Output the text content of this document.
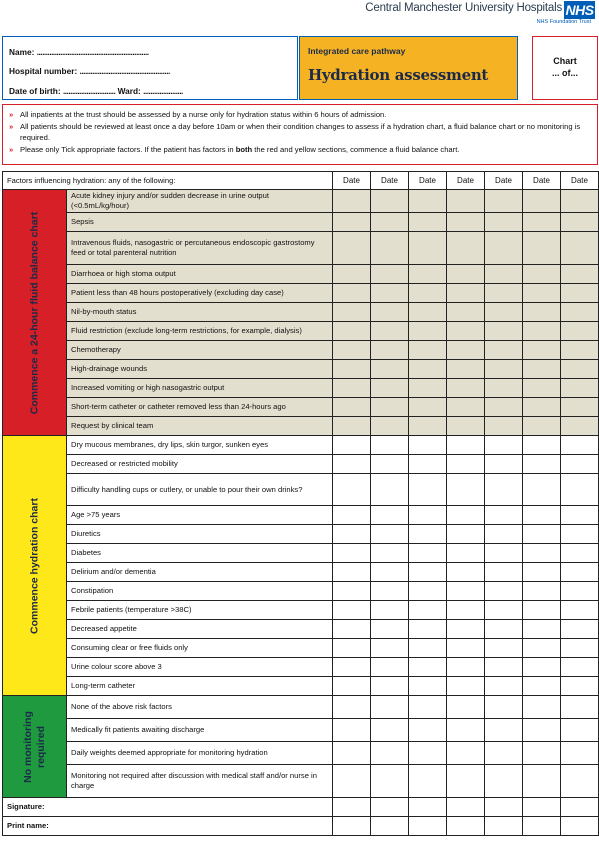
Central Manchester University Hospitals NHS
NHS Foundation Trust
Name:
..............................................................
Hospital number:
..................................................
Date of birth:
.............................
Ward:
......................
Integrated care pathway
Hydration assessment
Chart
... of...
» All inpatients at the trust should be assessed by a nurse only for hydration status within 6 hours of admission.
» All patients should be reviewed at least once a day before 10am or when their condition changes to assess if a hydration chart, a fluid balance chart or no monitoring is required.
» Please only Tick appropriate factors. If the patient has factors in both the red and yellow sections, commence a fluid balance chart.
Factors influencing hydration: any of the following:		Date	Date	Date	Date	Date	Date	Date

Commence a 24-hour fluid balance chart	Acute kidney injury and/or sudden decrease in urine output (<0.5mL/kg/hour)							
	Sepsis							
	Intravenous fluids, nasogastric or percutaneous endoscopic gastrostomy feed or total parenteral nutrition							
	Diarrhoea or high stoma output							
	Patient less than 48 hours postoperatively (excluding day case)							
	Nil-by-mouth status							
	Fluid restriction (exclude long-term restrictions, for example, dialysis)							
	Chemotherapy							
	High-drainage wounds							
	Increased vomiting or high nasogastric output							
	Short-term catheter or catheter removed less than 24-hours ago							
	Request by clinical team							

Commence hydration chart	Dry mucous membranes, dry lips, skin turgor, sunken eyes							
	Decreased or restricted mobility							
	Difficulty handling cups or cutlery, or unable to pour their own drinks?							
	Age >75 years							
	Diuretics							
	Diabetes							
	Delirium and/or dementia							
	Constipation							
	Febrile patients (temperature >38C)							
	Decreased appetite							
	Consuming clear or free fluids only							
	Urine colour score above 3							
	Long-term catheter							

No monitoring required	None of the above risk factors							
	Medically fit patients awaiting discharge							
	Daily weights deemed appropriate for monitoring hydration							
	Monitoring not required after discussion with medical staff and/or nurse in charge							
Signature:								
Print name:								
